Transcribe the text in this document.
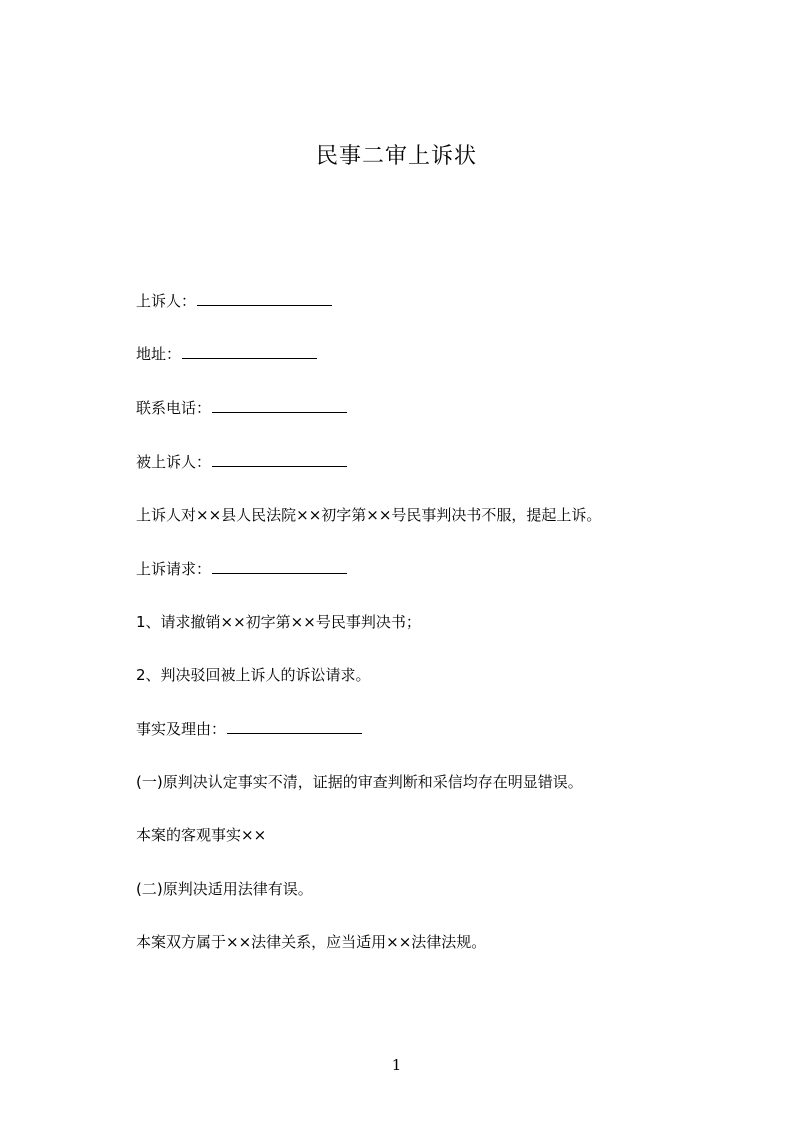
民事二审上诉状
上诉人：
地址：
联系电话：
被上诉人：
上诉人对××县人民法院××初字第××号民事判决书不服，提起上诉。
上诉请求：
1、请求撤销××初字第××号民事判决书；
2、判决驳回被上诉人的诉讼请求。
事实及理由：
(一)原判决认定事实不清，证据的审查判断和采信均存在明显错误。
本案的客观事实××
(二)原判决适用法律有误。
本案双方属于××法律关系，应当适用××法律法规。
1
